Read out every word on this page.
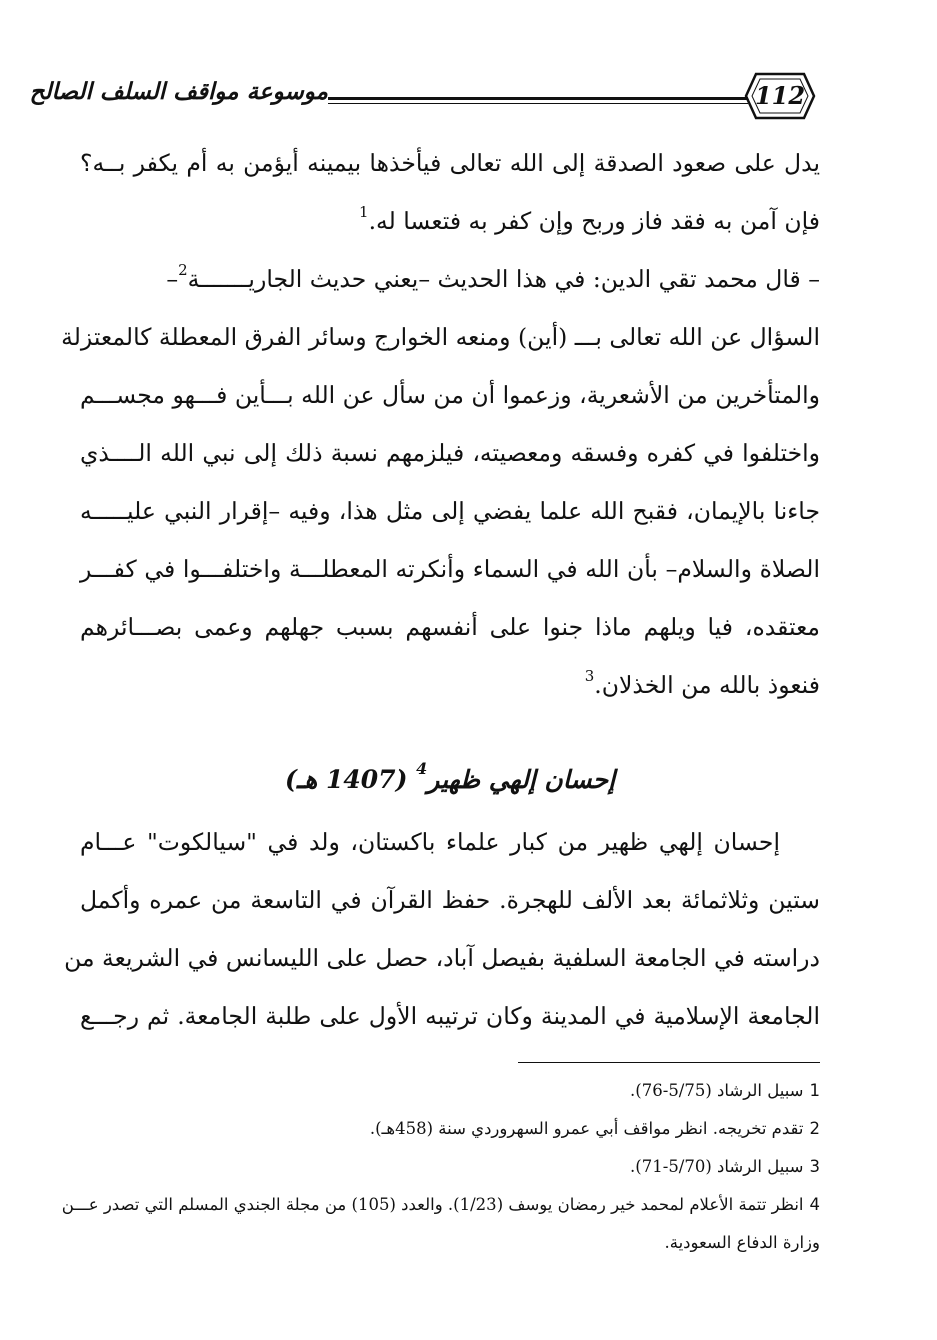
112
موسوعة مواقف السلف الصالح
يدل على صعود الصدقة إلى الله تعالى فيأخذها بيمينه أيؤمن به أم يكفر بــه؟
فإن آمن به فقد فاز وربح وإن كفر به فتعسا له.$^1$
– قال محمد تقي الدين: في هذا الحديث –يعني حديث الجاريـــــــة$^2$–
السؤال عن الله تعالى بـــ (أين) ومنعه الخوارج وسائر الفرق المعطلة كالمعتزلة
والمتأخرين من الأشعرية، وزعموا أن من سأل عن الله بـــأين فـــهو مجســـم
واختلفوا في كفره وفسقه ومعصيته، فيلزمهم نسبة ذلك إلى نبي الله الــــذي
جاءنا بالإيمان، فقبح الله علما يفضي إلى مثل هذا، وفيه –إقرار النبي عليـــــه
الصلاة والسلام– بأن الله في السماء وأنكرته المعطلـــة واختلفـــوا في كفـــر
معتقده، فيا ويلهم ماذا جنوا على أنفسهم بسبب جهلهم وعمى بصـــائرهم
فنعوذ بالله من الخذلان.$^3$
إحسان إلهي ظهير$^4$ (1407 هـ)
إحسان إلهي ظهير من كبار علماء باكستان، ولد في "سيالكوت" عـــام
ستين وثلاثمائة بعد الألف للهجرة. حفظ القرآن في التاسعة من عمره وأكمل
دراسته في الجامعة السلفية بفيصل آباد، حصل على الليسانس في الشريعة من
الجامعة الإسلامية في المدينة وكان ترتيبه الأول على طلبة الجامعة. ثم رجـــع
1سبيل الرشاد (5/75-76).
2تقدم تخريجه. انظر مواقف أبي عمرو السهروردي سنة (458هـ).
3سبيل الرشاد (5/70-71).
4انظر تتمة الأعلام لمحمد خير رمضان يوسف (1/23). والعدد (105) من مجلة الجندي المسلم التي تصدر عـــن
وزارة الدفاع السعودية.
